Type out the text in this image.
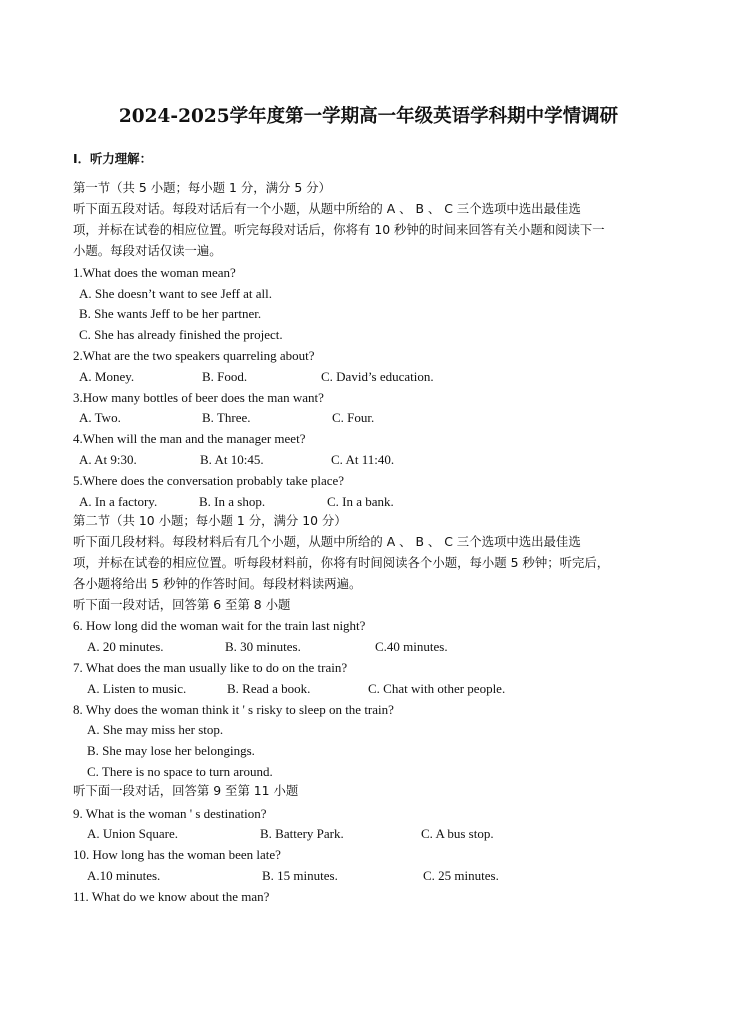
2024-2025学年度第一学期高一年级英语学科期中学情调研
Ⅰ．听力理解：
第一节（共 5 小题；每小题 1 分，满分 5 分）
听下面五段对话。每段对话后有一个小题，从题中所给的 A 、 B 、 C 三个选项中选出最佳选
项，并标在试卷的相应位置。听完每段对话后，你将有 10 秒钟的时间来回答有关小题和阅读下一
小题。每段对话仅读一遍。
1.What does the woman mean?
A. She doesn’t want to see Jeff at all.
B. She wants Jeff to be her partner.
C. She has already finished the project.
2.What are the two speakers quarreling about?
A. Money.	B. Food.	C. David’s education.
3.How many bottles of beer does the man want?
A. Two.	B. Three.	C. Four.
4.When will the man and the manager meet?
A. At 9:30.	B. At 10:45.	C. At 11:40.
5.Where does the conversation probably take place?
A. In a factory.	B. In a shop.	C. In a bank.
第二节（共 10 小题；每小题 1 分，满分 10 分）
听下面几段材料。每段材料后有几个小题，从题中所给的 A 、 B 、 C 三个选项中选出最佳选
项，并标在试卷的相应位置。听每段材料前，你将有时间阅读各个小题，每小题 5 秒钟；听完后，
各小题将给出 5 秒钟的作答时间。每段材料读两遍。
听下面一段对话，回答第 6 至第 8 小题
6. How long did the woman wait for the train last night?
A. 20 minutes.	B. 30 minutes.	C.40 minutes.
7. What does the man usually like to do on the train?
A. Listen to music.	B. Read a book.	C. Chat with other people.
8. Why does the woman think it ' s risky to sleep on the train?
A. She may miss her stop.
B. She may lose her belongings.
C. There is no space to turn around.
听下面一段对话，回答第 9 至第 11 小题
9. What is the woman ' s destination?
A. Union Square.	B. Battery Park.	C. A bus stop.
10. How long has the woman been late?
A.10 minutes.	B. 15 minutes.	C. 25 minutes.
11. What do we know about the man?
